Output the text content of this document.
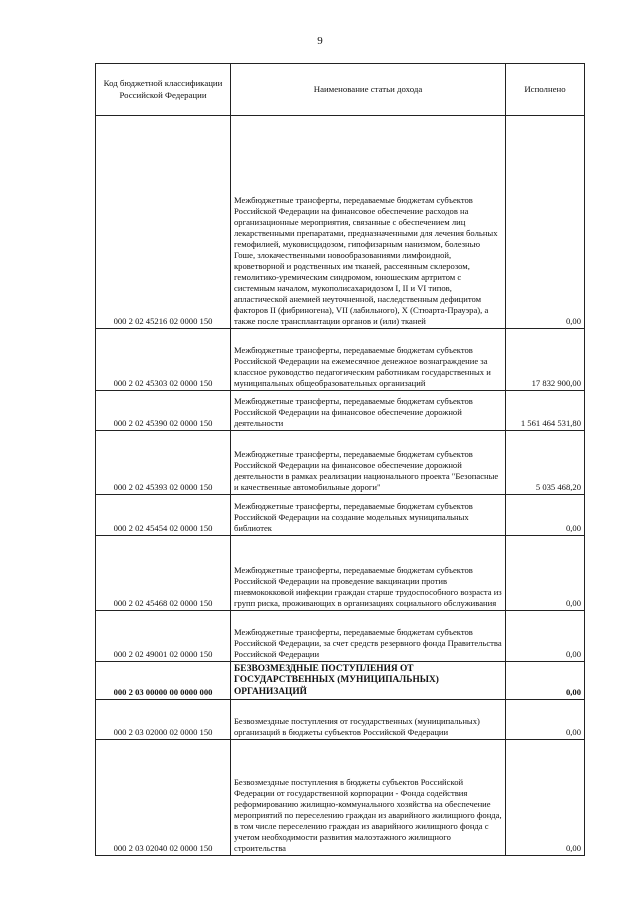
9
Код бюджетной классификации Российской Федерации	Наименование статьи дохода	Исполнено
000 2 02 45216 02 0000 150	Межбюджетные трансферты, передаваемые бюджетам субъектов Российской Федерации на финансовое обеспечение расходов на организационные мероприятия, связанные с обеспечением лиц лекарственными препаратами, предназначенными для лечения больных гемофилией, муковисцидозом, гипофизарным нанизмом, болезнью Гоше, злокачественными новообразованиями лимфоидной, кроветворной и родственных им тканей, рассеянным склерозом, гемолитико-уремическим синдромом, юношеским артритом с системным началом, мукополисахаридозом I, II и VI типов, апластической анемией неуточненной, наследственным дефицитом факторов II (фибриногена), VII (лабильного), X (Стюарта-Прауэра), а также после трансплантации органов и (или) тканей	0,00
000 2 02 45303 02 0000 150	Межбюджетные трансферты, передаваемые бюджетам субъектов Российской Федерации на ежемесячное денежное вознаграждение за классное руководство педагогическим работникам государственных и муниципальных общеобразовательных организаций	17 832 900,00
000 2 02 45390 02 0000 150	Межбюджетные трансферты, передаваемые бюджетам субъектов Российской Федерации на финансовое обеспечение дорожной деятельности	1 561 464 531,80
000 2 02 45393 02 0000 150	Межбюджетные трансферты, передаваемые бюджетам субъектов Российской Федерации на финансовое обеспечение дорожной деятельности в рамках реализации национального проекта "Безопасные и качественные автомобильные дороги"	5 035 468,20
000 2 02 45454 02 0000 150	Межбюджетные трансферты, передаваемые бюджетам субъектов Российской Федерации на создание модельных муниципальных библиотек	0,00
000 2 02 45468 02 0000 150	Межбюджетные трансферты, передаваемые бюджетам субъектов Российской Федерации на проведение вакцинации против пневмококковой инфекции граждан старше трудоспособного возраста из групп риска, проживающих в организациях социального обслуживания	0,00
000 2 02 49001 02 0000 150	Межбюджетные трансферты, передаваемые бюджетам субъектов Российской Федерации, за счет средств резервного фонда Правительства Российской Федерации	0,00
000 2 03 00000 00 0000 000	БЕЗВОЗМЕЗДНЫЕ ПОСТУПЛЕНИЯ ОТ ГОСУДАРСТВЕННЫХ (МУНИЦИПАЛЬНЫХ) ОРГАНИЗАЦИЙ	0,00
000 2 03 02000 02 0000 150	Безвозмездные поступления от государственных (муниципальных) организаций в бюджеты субъектов Российской Федерации	0,00
000 2 03 02040 02 0000 150	Безвозмездные поступления в бюджеты субъектов Российской Федерации от государственной корпорации - Фонда содействия реформированию жилищно-коммунального хозяйства на обеспечение мероприятий по переселению граждан из аварийного жилищного фонда, в том числе переселению граждан из аварийного жилищного фонда с учетом необходимости развития малоэтажного жилищного строительства	0,00
